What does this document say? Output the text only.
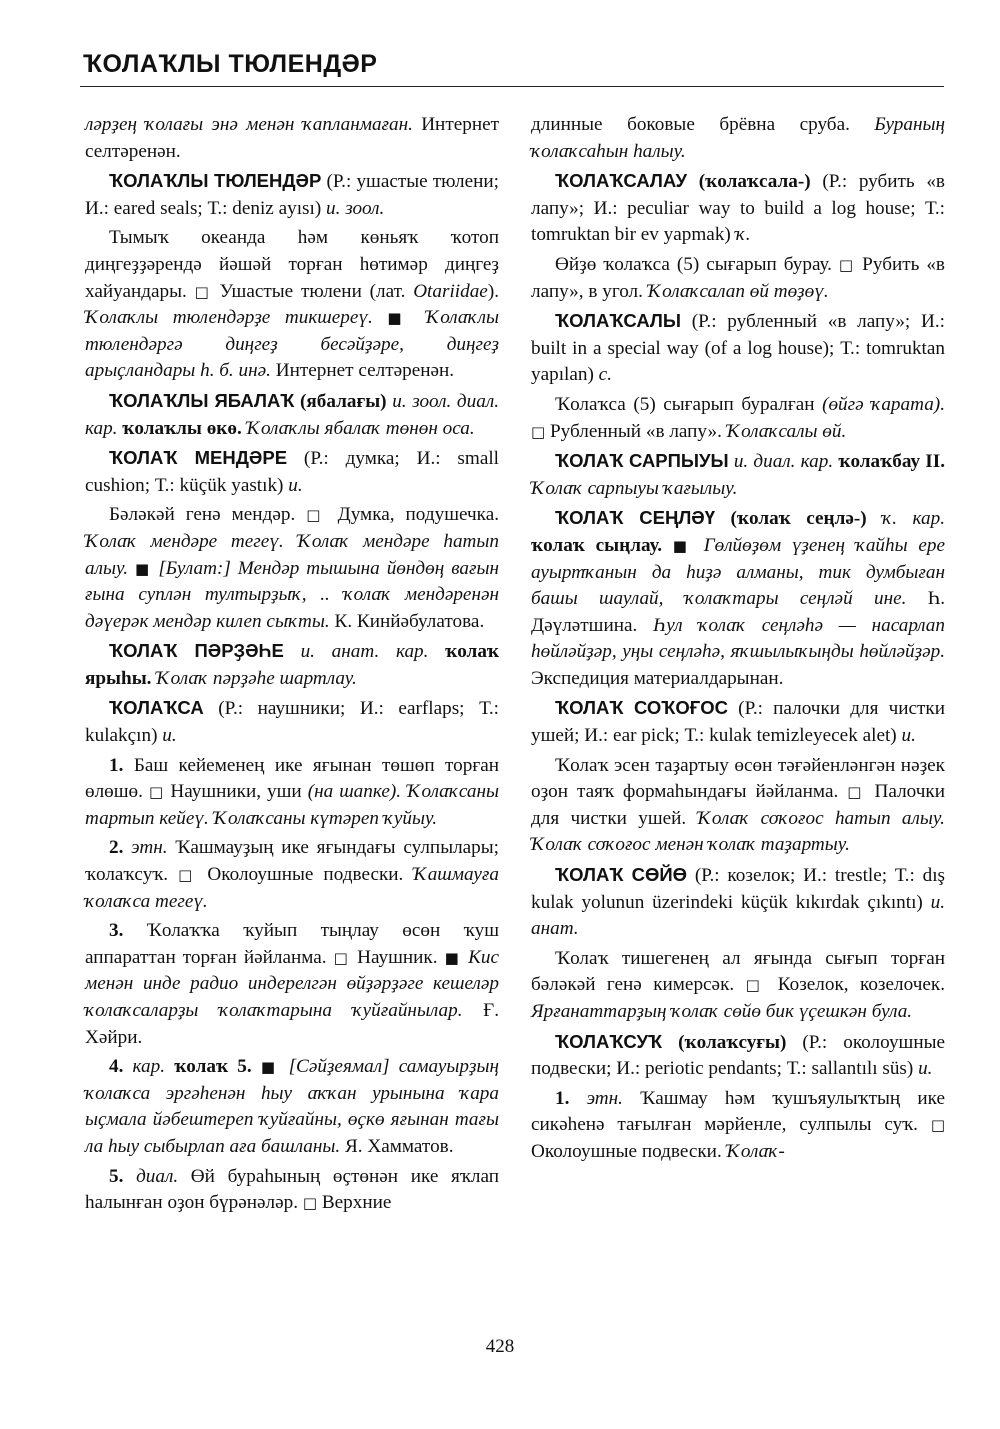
ҠОЛАҠЛЫ ТЮЛЕНДӘР

ләрҙең ҡолағы энә менән ҡапланмаған. Интернет селтәренән.

ҠОЛАҠЛЫ ТЮЛЕНДӘР (Р.: ушастые тюлени; И.: eared seals; Т.: deniz ayısı) и. зоол.

Тымыҡ океанда һәм көньяҡ ҡотоп диңгеҙҙәрендә йәшәй торған һөтимәр диңгеҙ хайуандары. □ Ушастые тюлени (лат. Otariidae). Ҡолаҡлы тюлендәрҙе тикшереү. ■ Ҡолаҡлы тюлендәргә диңгеҙ бесәйҙәре, диңгеҙ арыҫландары һ. б. инә. Интернет селтәренән.

ҠОЛАҠЛЫ ЯБАЛАҠ (ябалағы) и. зоол. диал. кар. ҡолаҡлы өкө. Ҡолаҡлы ябалаҡ төнөн оса.

ҠОЛАҠ МЕНДӘРЕ (Р.: думка; И.: small cushion; Т.: küçük yastık) и.

Бәләкәй генә мендәр. □ Думка, подушечка. Ҡолаҡ мендәре тегеү. Ҡолаҡ мендәре һатып алыу. ■ [Булат:] Мендәр тышына йөндөң вағын ғына суплән тултырҙыҡ, .. ҡолаҡ мендәренән дәүерәк мендәр килеп сыҡты. К. Кинйәбулатова.

ҠОЛАҠ ПӘРҘӘҺЕ и. анат. кар. ҡолаҡ ярыһы. Ҡолаҡ пәрҙәһе шартлау.

ҠОЛАҠСА (Р.: наушники; И.: earflaps; Т.: kulakçın) и.

1. Баш кейеменең ике яғынан төшөп торған өлөшө. □ Наушники, уши (на шапке). Ҡолаҡсаны тартып кейеү. Ҡолаҡсаны күтәреп ҡуйыу.

2. этн. Ҡашмауҙың ике яғындағы сулпылары; ҡолаҡсуҡ. □ Околоушные подвески. Ҡашмауға ҡолаҡса тегеү.

3. Ҡолаҡҡа ҡуйып тыңлау өсөн ҡуш аппараттан торған йәйланма. □ Наушник. ■ Кис менән инде радио индерелгән өйҙәрҙәге кешеләр ҡолаҡсаларҙы ҡолаҡтарына ҡуйғайнылар. Ғ. Хәйри.

4. кар. ҡолаҡ 5. ■ [Сәйҙеямал] самауырҙың ҡолаҡса эргәһенән һыу аҡҡан урынына ҡара ыҫмала йәбештереп ҡуйғайны, өҫкө яғынан тағы ла һыу сыбырлап аға башланы. Я. Хамматов.

5. диал. Өй бураһының өҫтөнән ике яҡлап һалынған оҙон бүрәнәләр. □ Верхние

длинные боковые брёвна сруба. Бураның ҡолаҡсаһын һалыу.

ҠОЛАҠСАЛАУ (ҡолаҡсала-) (Р.: рубить «в лапу»; И.: peculiar way to build a log house; Т.: tomruktan bir ev yapmak) ҡ.

Өйҙө ҡолаҡса (5) сығарып бурау. □ Рубить «в лапу», в угол. Ҡолаҡсалап өй төҙөү.

ҠОЛАҠСАЛЫ (Р.: рубленный «в лапу»; И.: built in a special way (of a log house); Т.: tomruktan yapılan) с.

Ҡолаҡса (5) сығарып буралған (өйгә ҡарата). □ Рубленный «в лапу». Ҡолаҡсалы өй.

ҠОЛАҠ САРПЫУЫ и. диал. кар. ҡолаҡбау II. Ҡолаҡ сарпыуы ҡағылыу.

ҠОЛАҠ СЕҢЛӘҮ (ҡолаҡ сеңлә-) ҡ. кар. ҡолаҡ сыңлау. ■ Гөлйөҙөм үҙенең ҡайһы ере ауыртҡанын да һиҙә алманы, тик думбыған башы шаулай, ҡолаҡтары сеңләй ине. Һ. Дәүләтшина. Һул ҡолаҡ сеңләһә — насарлап һөйләйҙәр, уңы сеңләһә, яҡшылыҡыңды һөйләйҙәр. Экспедиция материалдарынан.

ҠОЛАҠ СОҠОҒОС (Р.: палочки для чистки ушей; И.: ear pick; Т.: kulak temizleyecek alet) и.

Ҡолаҡ эсен таҙартыу өсөн тәғәйенләнгән нәҙек оҙон таяҡ формаһындағы йәйланма. □ Палочки для чистки ушей. Ҡолаҡ соҡоғос һатып алыу. Ҡолаҡ соҡоғос менән ҡолаҡ таҙартыу.

ҠОЛАҠ СӨЙӨ (Р.: козелок; И.: trestle; Т.: dış kulak yolunun üzerindeki küçük kıkırdak çıkıntı) и. анат.

Ҡолаҡ тишегенең ал яғында сығып торған бәләкәй генә кимерсәк. □ Козелок, козелочек. Ярғанаттарҙың ҡолаҡ сөйө бик үҫешкән була.

ҠОЛАҠСУҠ (ҡолаҡсуғы) (Р.: околоушные подвески; И.: periotic pendants; Т.: sallantılı süs) и.

1. этн. Ҡашмау һәм ҡушъяулыҡтың ике сикәһенә тағылған мәрйенле, сулпылы суҡ. □ Околоушные подвески. Ҡолаҡ-

428
